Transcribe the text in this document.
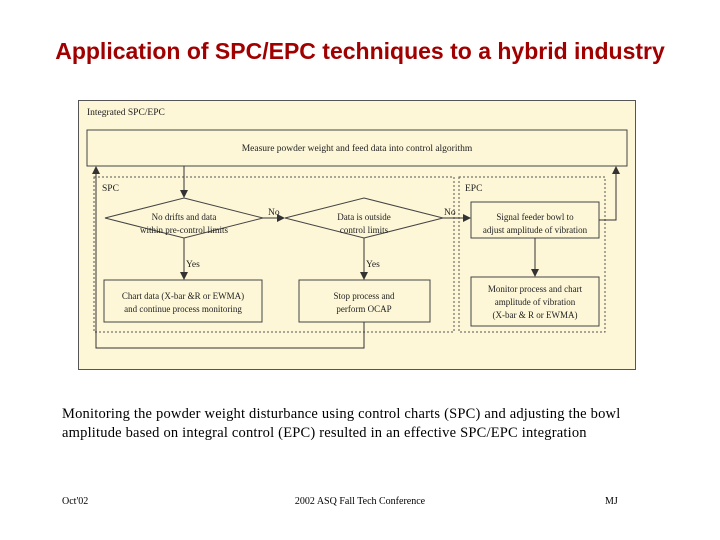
Application of SPC/EPC techniques to a hybrid industry
Integrated SPC/EPC
Measure powder weight and feed data into control algorithm
SPC	EPC
No drifts and data
within pre-control limits
Data is outside
control limits
Signal feeder bowl to
adjust amplitude of vibration
Chart data (X-bar &R or EWMA)
and continue process monitoring
Stop process and
perform OCAP
Monitor process and chart
amplitude of vibration
(X-bar & R or EWMA)
No	No
Yes	Yes
Monitoring the powder weight disturbance using control charts (SPC) and adjusting the bowl amplitude based on integral control (EPC) resulted in an effective SPC/EPC integration
Oct'02	2002 ASQ Fall Tech Conference	MJ
